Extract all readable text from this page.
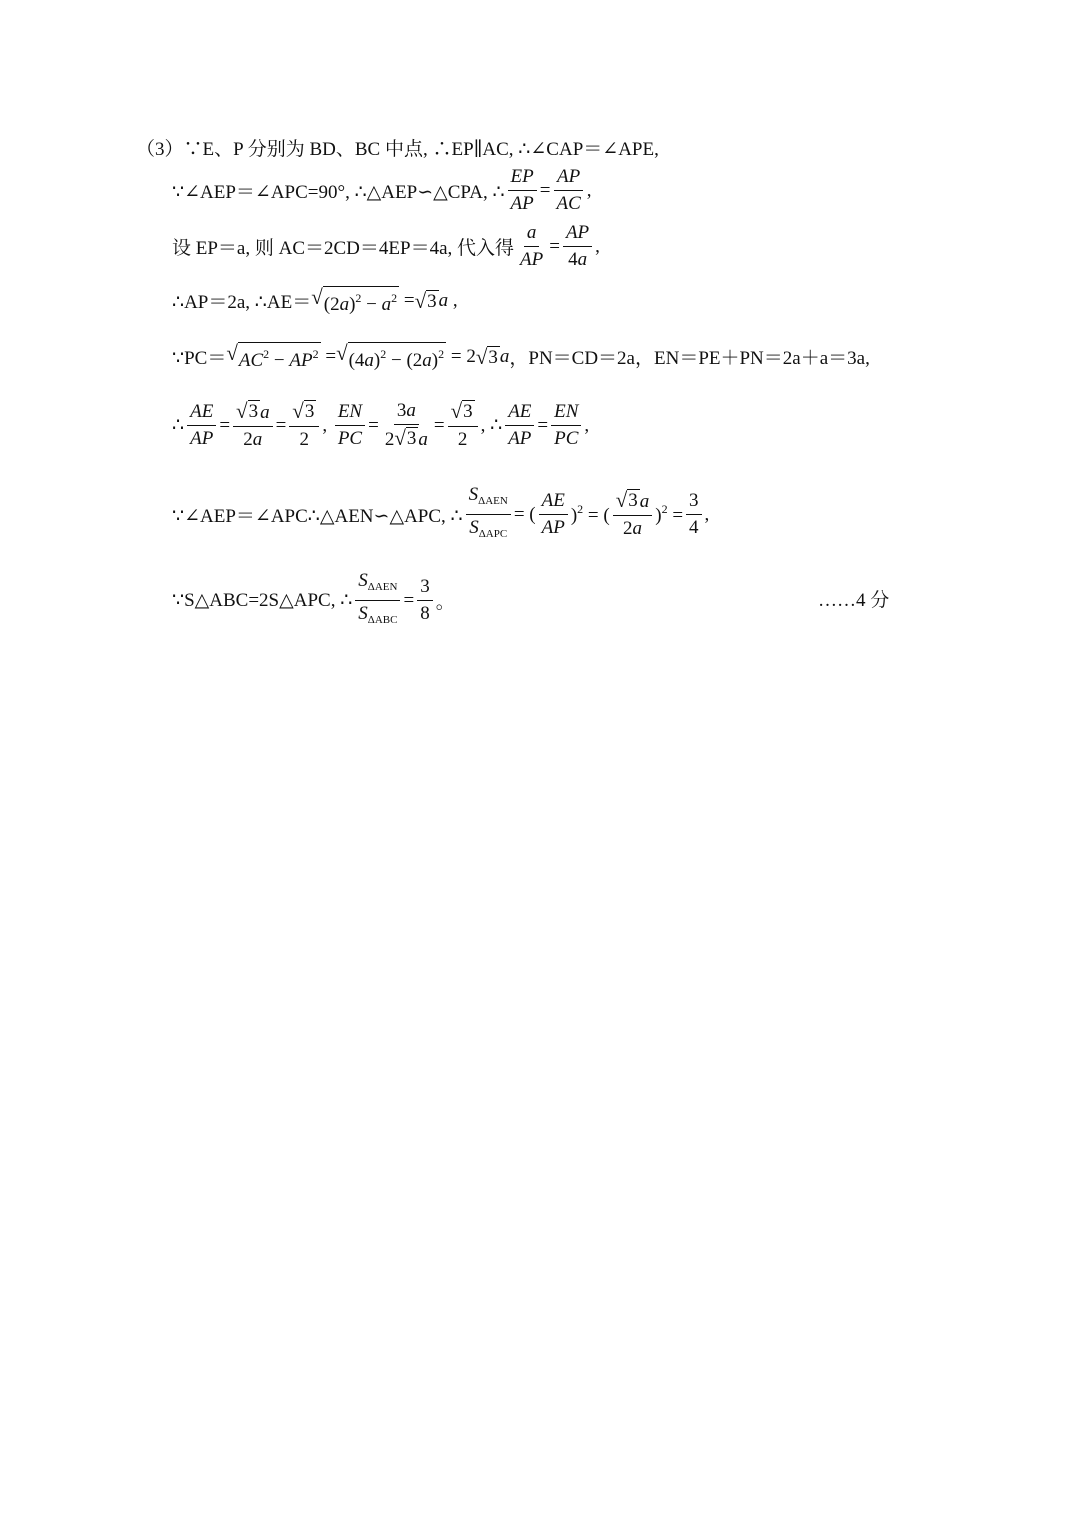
（3）∵E、P 分别为 BD、BC 中点, ∴EP∥AC, ∴∠CAP＝∠APE,
∵∠AEP＝∠APC=90°, ∴△AEP∽△CPA, ∴ $\frac{EP}{AP} = \frac{AP}{AC}$ ,
设 EP＝a, 则 AC＝2CD＝4EP＝4a, 代入得 $\frac{a}{AP} = \frac{AP}{4a}$ ,
∴AP＝2a, ∴AE＝ √ $(2a)^2 - a^2$ = √ 3 a ,
∵PC＝ √ $AC^2 - AP^2$ = √ $(4a)^2 - (2a)^2 = 2$ √ 3 a ，PN＝CD＝2a，EN＝PE＋PN＝2a＋a＝3a,
∴ $\frac{AE}{AP} = \frac{√ 3 a}{2a} = \frac{√ 3}{2}$ , $\frac{EN}{PC} = \frac{3a}{2 √ 3 a} = \frac{√ 3}{2}$ , ∴ $\frac{AE}{AP} = \frac{EN}{PC}$ ,
∵∠AEP＝∠APC∴△AEN∽△APC, ∴ $\frac{S_{\Delta AEN}}{S_{\Delta APC}}$ = ( $\frac{AE}{AP} )^2$ = ( $\frac{√ 3 a}{2a} )^2 = \frac{3}{4}$ ,
∵S△ABC=2S△APC, ∴ $\frac{S_{\Delta AEN}}{S_{\Delta ABC}} = \frac{3}{8}$ 。	……4 分
